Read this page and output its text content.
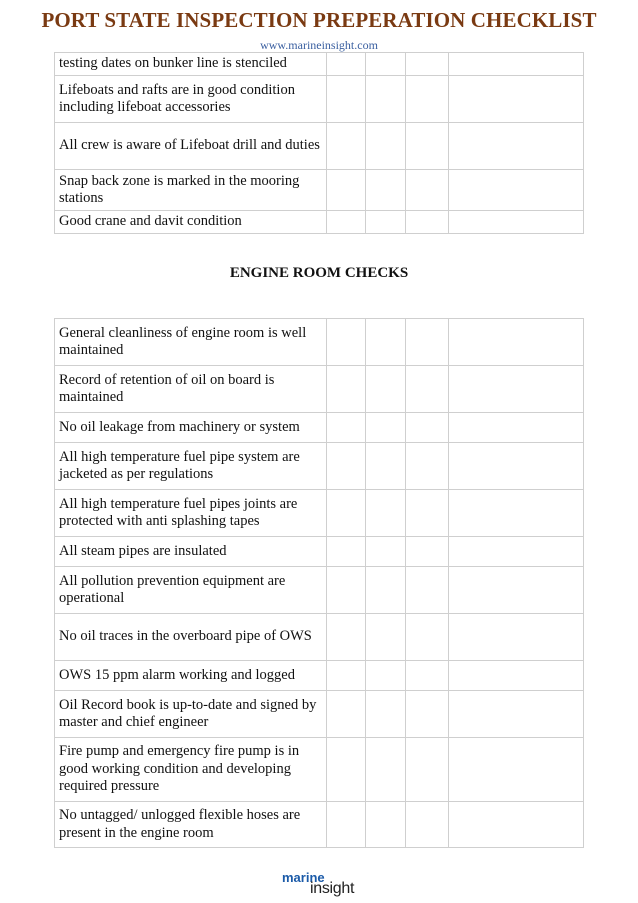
PORT STATE INSPECTION PREPERATION CHECKLIST
www.marineinsight.com
testing dates on bunker line is stenciled				
Lifeboats and rafts are in good condition including lifeboat accessories				
All crew is aware of Lifeboat drill and duties				
Snap back zone is marked in the mooring stations				
Good crane and davit condition				
ENGINE ROOM CHECKS
General cleanliness of engine room is well maintained				
Record of retention of oil on board is maintained				
No oil leakage from machinery or system				
All high temperature fuel pipe system are jacketed as per regulations				
All high temperature fuel pipes joints are protected with anti splashing tapes				
All steam pipes are insulated				
All pollution prevention equipment are operational				
No oil traces in the overboard pipe of OWS				
OWS 15 ppm alarm working and logged				
Oil Record book is up-to-date and signed by master and chief engineer				
Fire pump and emergency fire pump is in good working condition and developing required pressure				
No untagged/ unlogged flexible hoses are present in the engine room				
marine
insight
